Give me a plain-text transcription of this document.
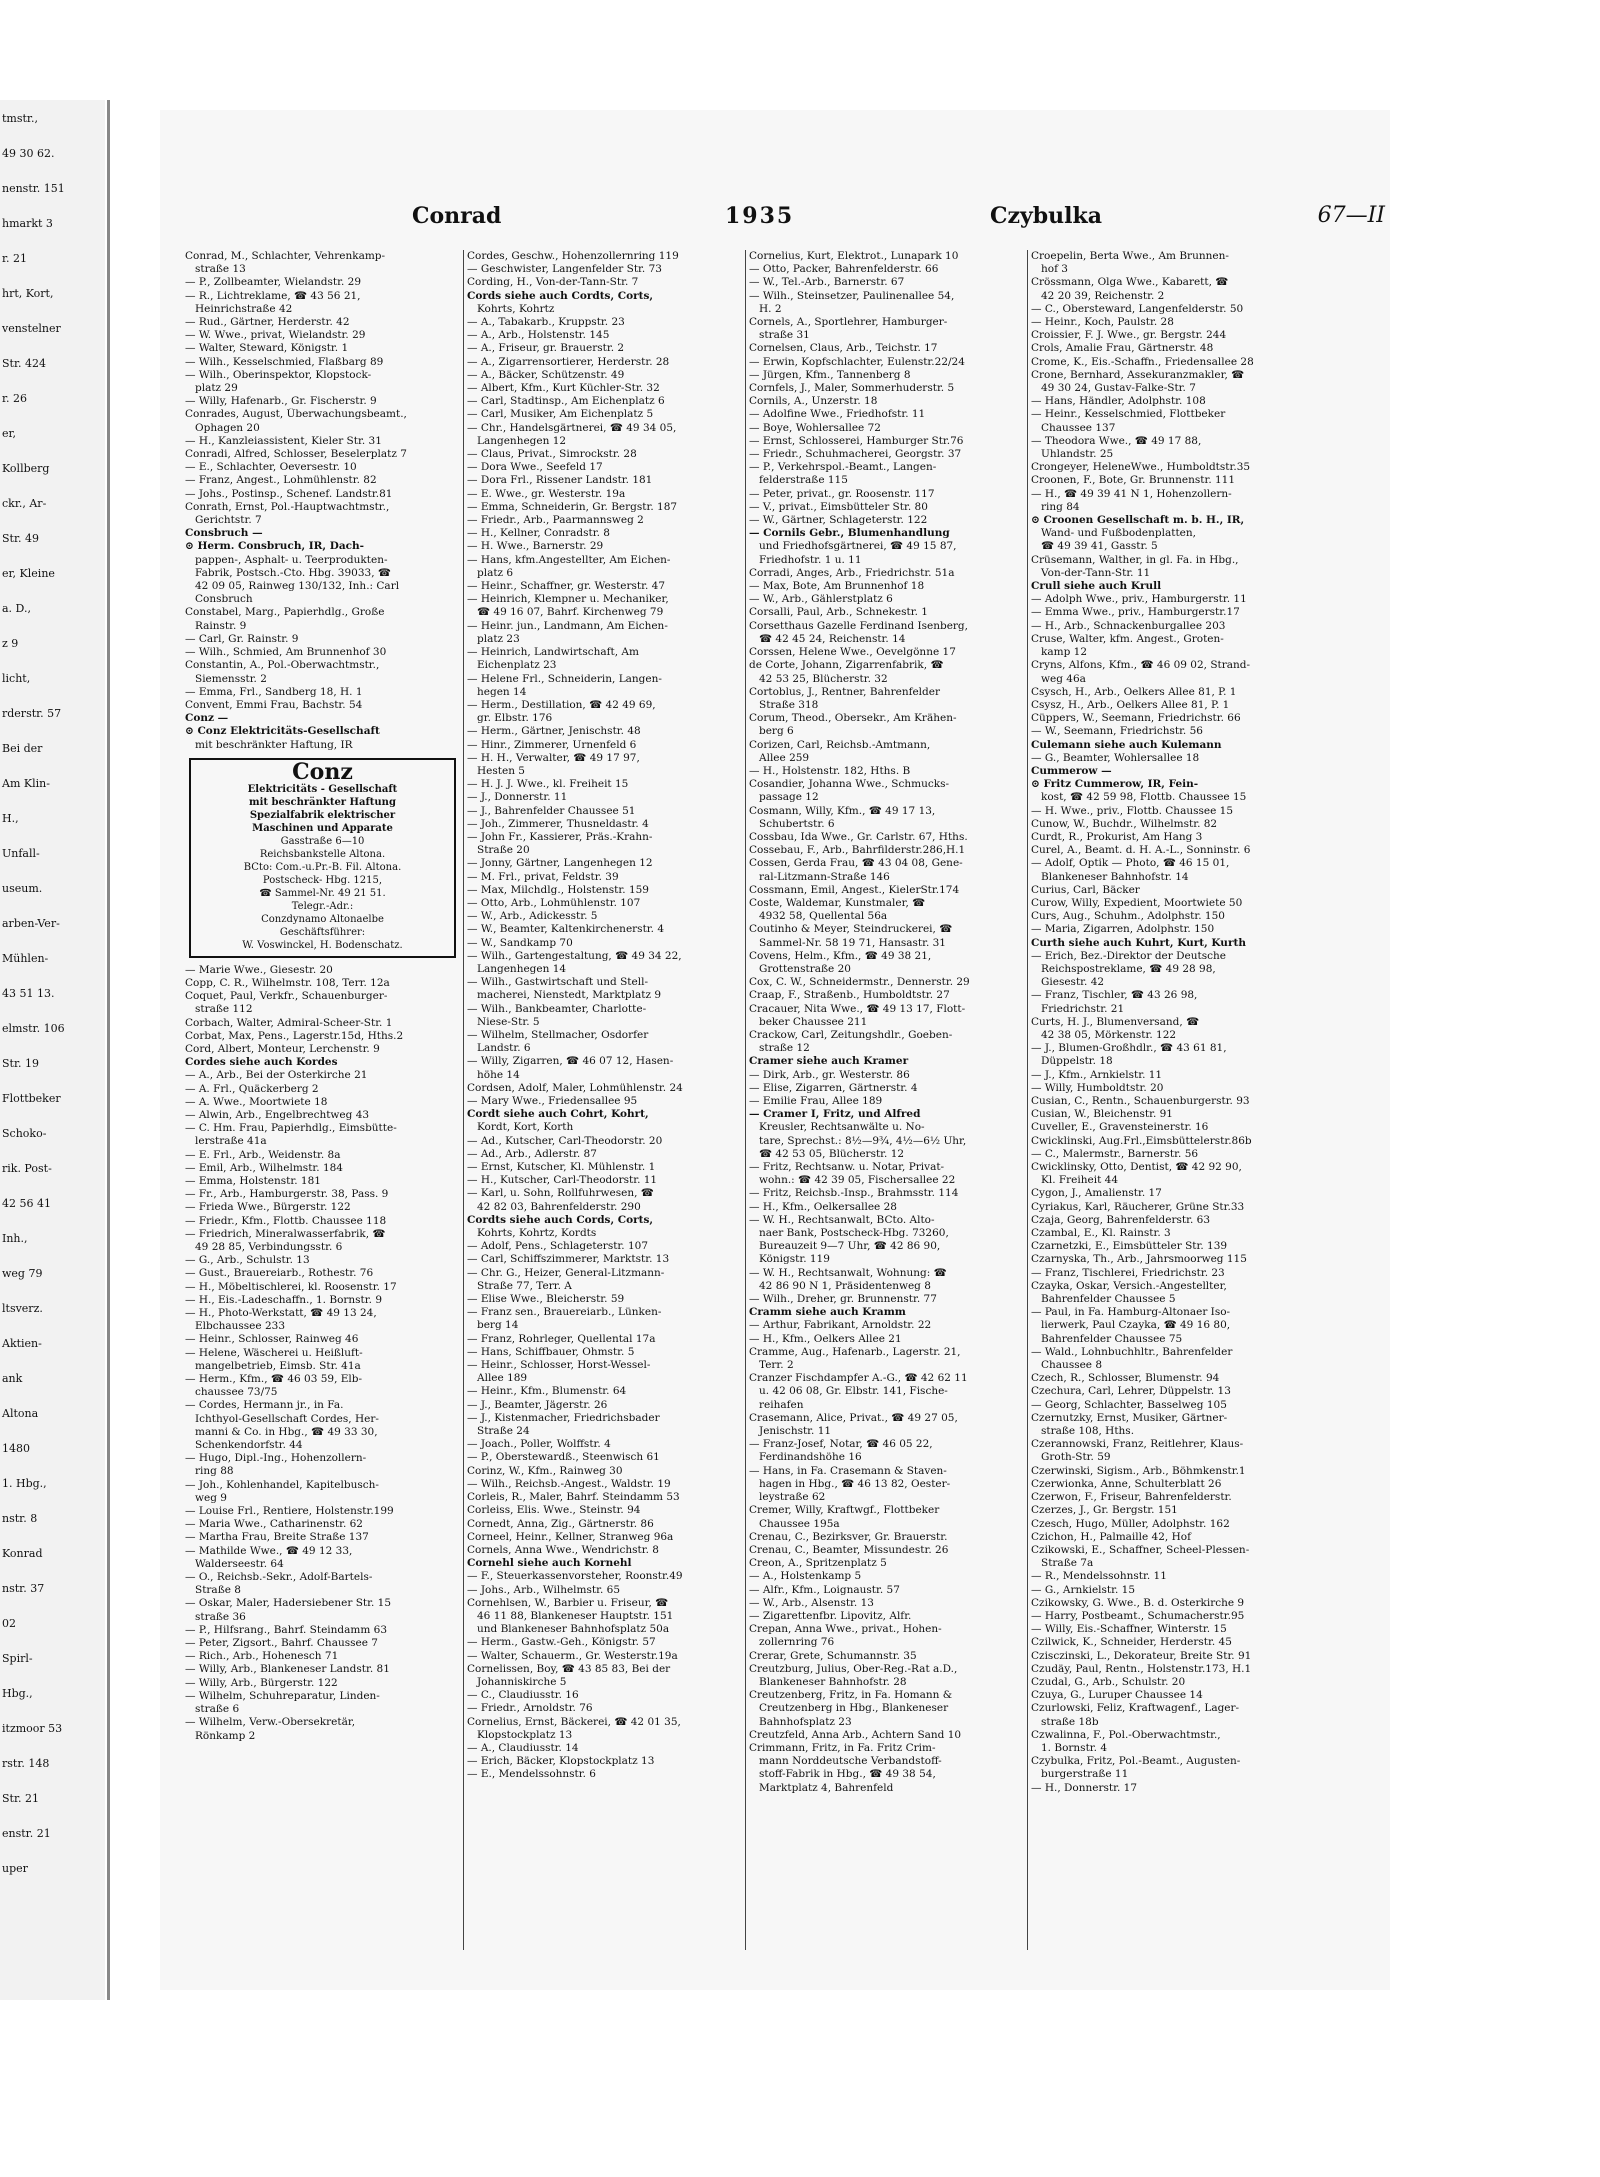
tmstr.,
49 30 62.
nenstr. 151
hmarkt 3
r. 21
hrt, Kort,
venstelner
Str. 424
r. 26
er,
Kollberg
ckr., Ar-
Str. 49
er, Kleine
a. D.,
z 9
licht,
rderstr. 57
Bei der
Am Klin-
H.,
Unfall-
useum.
arben-Ver-
Mühlen-
43 51 13.
elmstr. 106
Str. 19
Flottbeker
Schoko-
rik. Post-
42 56 41
Inh.,
weg 79
ltsverz.
Aktien-
ank
Altona
1480
1. Hbg.,
nstr. 8
Konrad
nstr. 37
02
Spirl-
Hbg.,
itzmoor 53
rstr. 148
Str. 21
enstr. 21
uper
Conrad	1935	Czybulka	67—II
Conrad, M., Schlachter, Vehrenkamp-
straße 13
— P., Zollbeamter, Wielandstr. 29
— R., Lichtreklame, ☎ 43 56 21,
Heinrichstraße 42
— Rud., Gärtner, Herderstr. 42
— W. Wwe., privat, Wielandstr. 29
— Walter, Steward, Königstr. 1
— Wilh., Kesselschmied, Flaßbarg 89
— Wilh., Oberinspektor, Klopstock-
platz 29
— Willy, Hafenarb., Gr. Fischerstr. 9
Conrades, August, Überwachungsbeamt.,
Ophagen 20
— H., Kanzleiassistent, Kieler Str. 31
Conradi, Alfred, Schlosser, Beselerplatz 7
— E., Schlachter, Oeversestr. 10
— Franz, Angest., Lohmühlenstr. 82
— Johs., Postinsp., Schenef. Landstr.81
Conrath, Ernst, Pol.-Hauptwachtmstr.,
Gerichtstr. 7
Consbruch —
⊙ Herm. Consbruch, IR, Dach-
pappen-, Asphalt- u. Teerprodukten-
Fabrik, Postsch.-Cto. Hbg. 39033, ☎
42 09 05, Rainweg 130/132, Inh.: Carl
Consbruch
Constabel, Marg., Papierhdlg., Große
Rainstr. 9
— Carl, Gr. Rainstr. 9
— Wilh., Schmied, Am Brunnenhof 30
Constantin, A., Pol.-Oberwachtmstr.,
Siemensstr. 2
— Emma, Frl., Sandberg 18, H. 1
Convent, Emmi Frau, Bachstr. 54
Conz —
⊙ Conz Elektricitäts-Gesellschaft
mit beschränkter Haftung, IR
Conz
Elektricitäts - Gesellschaft
mit beschränkter Haftung
Spezialfabrik elektrischer
Maschinen und Apparate
Gasstraße 6—10
Reichsbankstelle Altona.
BCto: Com.-u.Pr.-B. Fil. Altona.
Postscheck- Hbg. 1215,
☎ Sammel-Nr. 49 21 51.
Telegr.-Adr.:
Conzdynamo Altonaelbe
Geschäftsführer:
W. Voswinckel, H. Bodenschatz.
— Marie Wwe., Giesestr. 20
Copp, C. R., Wilhelmstr. 108, Terr. 12a
Coquet, Paul, Verkfr., Schauenburger-
straße 112
Corbach, Walter, Admiral-Scheer-Str. 1
Corbat, Max, Pens., Lagerstr.15d, Hths.2
Cord, Albert, Monteur, Lerchenstr. 9
Cordes siehe auch Kordes
— A., Arb., Bei der Osterkirche 21
— A. Frl., Quäckerberg 2
— A. Wwe., Moortwiete 18
— Alwin, Arb., Engelbrechtweg 43
— C. Hm. Frau, Papierhdlg., Eimsbütte-
lerstraße 41a
— E. Frl., Arb., Weidenstr. 8a
— Emil, Arb., Wilhelmstr. 184
— Emma, Holstenstr. 181
— Fr., Arb., Hamburgerstr. 38, Pass. 9
— Frieda Wwe., Bürgerstr. 122
— Friedr., Kfm., Flottb. Chaussee 118
— Friedrich, Mineralwasserfabrik, ☎
49 28 85, Verbindungsstr. 6
— G., Arb., Schulstr. 13
— Gust., Brauereiarb., Rothestr. 76
— H., Möbeltischlerei, kl. Roosenstr. 17
— H., Eis.-Ladeschaffn., 1. Bornstr. 9
— H., Photo-Werkstatt, ☎ 49 13 24,
Elbchaussee 233
— Heinr., Schlosser, Rainweg 46
— Helene, Wäscherei u. Heißluft-
mangelbetrieb, Eimsb. Str. 41a
— Herm., Kfm., ☎ 46 03 59, Elb-
chaussee 73/75
— Cordes, Hermann jr., in Fa.
Ichthyol-Gesellschaft Cordes, Her-
manni & Co. in Hbg., ☎ 49 33 30,
Schenkendorfstr. 44
— Hugo, Dipl.-Ing., Hohenzollern-
ring 88
— Joh., Kohlenhandel, Kapitelbusch-
weg 9
— Louise Frl., Rentiere, Holstenstr.199
— Maria Wwe., Catharinenstr. 62
— Martha Frau, Breite Straße 137
— Mathilde Wwe., ☎ 49 12 33,
Walderseestr. 64
— O., Reichsb.-Sekr., Adolf-Bartels-
Straße 8
— Oskar, Maler, Hadersiebener Str. 15
straße 36
— P., Hilfsrang., Bahrf. Steindamm 63
— Peter, Zigsort., Bahrf. Chaussee 7
— Rich., Arb., Hohenesch 71
— Willy, Arb., Blankeneser Landstr. 81
— Willy, Arb., Bürgerstr. 122
— Wilhelm, Schuhreparatur, Linden-
straße 6
— Wilhelm, Verw.-Obersekretär,
Rönkamp 2
Cordes, Geschw., Hohenzollernring 119
— Geschwister, Langenfelder Str. 73
Cording, H., Von-der-Tann-Str. 7
Cords siehe auch Cordts, Corts,
Kohrts, Kohrtz
— A., Tabakarb., Kruppstr. 23
— A., Arb., Holstenstr. 145
— A., Friseur, gr. Brauerstr. 2
— A., Zigarrensortierer, Herderstr. 28
— A., Bäcker, Schützenstr. 49
— Albert, Kfm., Kurt Küchler-Str. 32
— Carl, Stadtinsp., Am Eichenplatz 6
— Carl, Musiker, Am Eichenplatz 5
— Chr., Handelsgärtnerei, ☎ 49 34 05,
Langenhegen 12
— Claus, Privat., Simrockstr. 28
— Dora Wwe., Seefeld 17
— Dora Frl., Rissener Landstr. 181
— E. Wwe., gr. Westerstr. 19a
— Emma, Schneiderin, Gr. Bergstr. 187
— Friedr., Arb., Paarmannsweg 2
— H., Kellner, Conradstr. 8
— H. Wwe., Barnerstr. 29
— Hans, kfm.Angestellter, Am Eichen-
platz 6
— Heinr., Schaffner, gr. Westerstr. 47
— Heinrich, Klempner u. Mechaniker,
☎ 49 16 07, Bahrf. Kirchenweg 79
— Heinr. jun., Landmann, Am Eichen-
platz 23
— Heinrich, Landwirtschaft, Am
Eichenplatz 23
— Helene Frl., Schneiderin, Langen-
hegen 14
— Herm., Destillation, ☎ 42 49 69,
gr. Elbstr. 176
— Herm., Gärtner, Jenischstr. 48
— Hinr., Zimmerer, Urnenfeld 6
— H. H., Verwalter, ☎ 49 17 97,
Hesten 5
— H. J. J. Wwe., kl. Freiheit 15
— J., Donnerstr. 11
— J., Bahrenfelder Chaussee 51
— Joh., Zimmerer, Thusneldastr. 4
— John Fr., Kassierer, Präs.-Krahn-
Straße 20
— Jonny, Gärtner, Langenhegen 12
— M. Frl., privat, Feldstr. 39
— Max, Milchdlg., Holstenstr. 159
— Otto, Arb., Lohmühlenstr. 107
— W., Arb., Adickesstr. 5
— W., Beamter, Kaltenkirchenerstr. 4
— W., Sandkamp 70
— Wilh., Gartengestaltung, ☎ 49 34 22,
Langenhegen 14
— Wilh., Gastwirtschaft und Stell-
macherei, Nienstedt, Marktplatz 9
— Wilh., Bankbeamter, Charlotte-
Niese-Str. 5
— Wilhelm, Stellmacher, Osdorfer
Landstr. 6
— Willy, Zigarren, ☎ 46 07 12, Hasen-
höhe 14
Cordsen, Adolf, Maler, Lohmühlenstr. 24
— Mary Wwe., Friedensallee 95
Cordt siehe auch Cohrt, Kohrt,
Kordt, Kort, Korth
— Ad., Kutscher, Carl-Theodorstr. 20
— Ad., Arb., Adlerstr. 87
— Ernst, Kutscher, Kl. Mühlenstr. 1
— H., Kutscher, Carl-Theodorstr. 11
— Karl, u. Sohn, Rollfuhrwesen, ☎
42 82 03, Bahrenfelderstr. 290
Cordts siehe auch Cords, Corts,
Kohrts, Kohrtz, Kordts
— Adolf, Pens., Schlageterstr. 107
— Carl, Schiffszimmerer, Marktstr. 13
— Chr. G., Heizer, General-Litzmann-
Straße 77, Terr. A
— Elise Wwe., Bleicherstr. 59
— Franz sen., Brauereiarb., Lünken-
berg 14
— Franz, Rohrleger, Quellental 17a
— Hans, Schiffbauer, Ohmstr. 5
— Heinr., Schlosser, Horst-Wessel-
Allee 189
— Heinr., Kfm., Blumenstr. 64
— J., Beamter, Jägerstr. 26
— J., Kistenmacher, Friedrichsbader
Straße 24
— Joach., Poller, Wolffstr. 4
— P., Oberstewardß., Steenwisch 61
Corinz, W., Kfm., Rainweg 30
— Wilh., Reichsb.-Angest., Waldstr. 19
Corleis, R., Maler, Bahrf. Steindamm 53
Corleiss, Elis. Wwe., Steinstr. 94
Cornedt, Anna, Zig., Gärtnerstr. 86
Corneel, Heinr., Kellner, Stranweg 96a
Cornels, Anna Wwe., Wendrichstr. 8
Cornehl siehe auch Kornehl
— F., Steuerkassenvorsteher, Roonstr.49
— Johs., Arb., Wilhelmstr. 65
Cornehlsen, W., Barbier u. Friseur, ☎
46 11 88, Blankeneser Hauptstr. 151
und Blankeneser Bahnhofsplatz 50a
— Herm., Gastw.-Geh., Königstr. 57
— Walter, Schauerm., Gr. Westerstr.19a
Cornelissen, Boy, ☎ 43 85 83, Bei der
Johanniskirche 5
— C., Claudiusstr. 16
— Friedr., Arnoldstr. 76
Cornelius, Ernst, Bäckerei, ☎ 42 01 35,
Klopstockplatz 13
— A., Claudiusstr. 14
— Erich, Bäcker, Klopstockplatz 13
— E., Mendelssohnstr. 6
Cornelius, Kurt, Elektrot., Lunapark 10
— Otto, Packer, Bahrenfelderstr. 66
— W., Tel.-Arb., Barnerstr. 67
— Wilh., Steinsetzer, Paulinenallee 54,
H. 2
Cornels, A., Sportlehrer, Hamburger-
straße 31
Cornelsen, Claus, Arb., Teichstr. 17
— Erwin, Kopfschlachter, Eulenstr.22/24
— Jürgen, Kfm., Tannenberg 8
Cornfels, J., Maler, Sommerhuderstr. 5
Cornils, A., Unzerstr. 18
— Adolfine Wwe., Friedhofstr. 11
— Boye, Wohlersallee 72
— Ernst, Schlosserei, Hamburger Str.76
— Friedr., Schuhmacherei, Georgstr. 37
— P., Verkehrspol.-Beamt., Langen-
felderstraße 115
— Peter, privat., gr. Roosenstr. 117
— V., privat., Eimsbütteler Str. 80
— W., Gärtner, Schlageterstr. 122
— Cornils Gebr., Blumenhandlung
und Friedhofsgärtnerei, ☎ 49 15 87,
Friedhofstr. 1 u. 11
Corradi, Anges, Arb., Friedrichstr. 51a
— Max, Bote, Am Brunnenhof 18
— W., Arb., Gählerstplatz 6
Corsalli, Paul, Arb., Schnekestr. 1
Corsetthaus Gazelle Ferdinand Isenberg,
☎ 42 45 24, Reichenstr. 14
Corssen, Helene Wwe., Oevelgönne 17
de Corte, Johann, Zigarrenfabrik, ☎
42 53 25, Blücherstr. 32
Cortoblus, J., Rentner, Bahrenfelder
Straße 318
Corum, Theod., Obersekr., Am Krähen-
berg 6
Corizen, Carl, Reichsb.-Amtmann,
Allee 259
— H., Holstenstr. 182, Hths. B
Cosandier, Johanna Wwe., Schmucks-
passage 12
Cosmann, Willy, Kfm., ☎ 49 17 13,
Schubertstr. 6
Cossbau, Ida Wwe., Gr. Carlstr. 67, Hths.
Cossebau, F., Arb., Bahrfilderstr.286,H.1
Cossen, Gerda Frau, ☎ 43 04 08, Gene-
ral-Litzmann-Straße 146
Cossmann, Emil, Angest., KielerStr.174
Coste, Waldemar, Kunstmaler, ☎
4932 58, Quellental 56a
Coutinho & Meyer, Steindruckerei, ☎
Sammel-Nr. 58 19 71, Hansastr. 31
Covens, Helm., Kfm., ☎ 49 38 21,
Grottenstraße 20
Cox, C. W., Schneidermstr., Dennerstr. 29
Craap, F., Straßenb., Humboldtstr. 27
Cracauer, Nita Wwe., ☎ 49 13 17, Flott-
beker Chaussee 211
Crackow, Carl, Zeitungshdlr., Goeben-
straße 12
Cramer siehe auch Kramer
— Dirk, Arb., gr. Westerstr. 86
— Elise, Zigarren, Gärtnerstr. 4
— Emilie Frau, Allee 189
— Cramer I, Fritz, und Alfred
Kreusler, Rechtsanwälte u. No-
tare, Sprechst.: 8½—9¾, 4½—6½ Uhr,
☎ 42 53 05, Blücherstr. 12
— Fritz, Rechtsanw. u. Notar, Privat-
wohn.: ☎ 42 39 05, Fischersallee 22
— Fritz, Reichsb.-Insp., Brahmsstr. 114
— H., Kfm., Oelkersallee 28
— W. H., Rechtsanwalt, BCto. Alto-
naer Bank, Postscheck-Hbg. 73260,
Bureauzeit 9—7 Uhr, ☎ 42 86 90,
Königstr. 119
— W. H., Rechtsanwalt, Wohnung: ☎
42 86 90 N 1, Präsidentenweg 8
— Wilh., Dreher, gr. Brunnenstr. 77
Cramm siehe auch Kramm
— Arthur, Fabrikant, Arnoldstr. 22
— H., Kfm., Oelkers Allee 21
Cramme, Aug., Hafenarb., Lagerstr. 21,
Terr. 2
Cranzer Fischdampfer A.-G., ☎ 42 62 11
u. 42 06 08, Gr. Elbstr. 141, Fische-
reihafen
Crasemann, Alice, Privat., ☎ 49 27 05,
Jenischstr. 11
— Franz-Josef, Notar, ☎ 46 05 22,
Ferdinandshöhe 16
— Hans, in Fa. Crasemann & Staven-
hagen in Hbg., ☎ 46 13 82, Oester-
leystraße 62
Cremer, Willy, Kraftwgf., Flottbeker
Chaussee 195a
Crenau, C., Bezirksver, Gr. Brauerstr.
Crenau, C., Beamter, Missundestr. 26
Creon, A., Spritzenplatz 5
— A., Holstenkamp 5
— Alfr., Kfm., Loignaustr. 57
— W., Arb., Alsenstr. 13
— Zigarettenfbr. Lipovitz, Alfr.
Crepan, Anna Wwe., privat., Hohen-
zollernring 76
Crerar, Grete, Schumannstr. 35
Creutzburg, Julius, Ober-Reg.-Rat a.D.,
Blankeneser Bahnhofstr. 28
Creutzenberg, Fritz, in Fa. Homann &
Creutzenberg in Hbg., Blankeneser
Bahnhofsplatz 23
Creutzfeld, Anna Arb., Achtern Sand 10
Crimmann, Fritz, in Fa. Fritz Crim-
mann Norddeutsche Verbandstoff-
stoff-Fabrik in Hbg., ☎ 49 38 54,
Marktplatz 4, Bahrenfeld
Croepelin, Berta Wwe., Am Brunnen-
hof 3
Crössmann, Olga Wwe., Kabarett, ☎
42 20 39, Reichenstr. 2
— C., Obersteward, Langenfelderstr. 50
— Heinr., Koch, Paulstr. 28
Croissier, F. J. Wwe., gr. Bergstr. 244
Crols, Amalie Frau, Gärtnerstr. 48
Crome, K., Eis.-Schaffn., Friedensallee 28
Crone, Bernhard, Assekuranzmakler, ☎
49 30 24, Gustav-Falke-Str. 7
— Hans, Händler, Adolphstr. 108
— Heinr., Kesselschmied, Flottbeker
Chaussee 137
— Theodora Wwe., ☎ 49 17 88,
Uhlandstr. 25
Crongeyer, HeleneWwe., Humboldtstr.35
Croonen, F., Bote, Gr. Brunnenstr. 111
— H., ☎ 49 39 41 N 1, Hohenzollern-
ring 84
⊙ Croonen Gesellschaft m. b. H., IR,
Wand- und Fußbodenplatten,
☎ 49 39 41, Gasstr. 5
Crüsemann, Walther, in gl. Fa. in Hbg.,
Von-der-Tann-Str. 11
Crull siehe auch Krull
— Adolph Wwe., priv., Hamburgerstr. 11
— Emma Wwe., priv., Hamburgerstr.17
— H., Arb., Schnackenburgallee 203
Cruse, Walter, kfm. Angest., Groten-
kamp 12
Cryns, Alfons, Kfm., ☎ 46 09 02, Strand-
weg 46a
Csysch, H., Arb., Oelkers Allee 81, P. 1
Csysz, H., Arb., Oelkers Allee 81, P. 1
Cüppers, W., Seemann, Friedrichstr. 66
— W., Seemann, Friedrichstr. 56
Culemann siehe auch Kulemann
— G., Beamter, Wohlersallee 18
Cummerow —
⊙ Fritz Cummerow, IR, Fein-
kost, ☎ 42 59 98, Flottb. Chaussee 15
— H. Wwe., priv., Flottb. Chaussee 15
Cunow, W., Buchdr., Wilhelmstr. 82
Curdt, R., Prokurist, Am Hang 3
Curel, A., Beamt. d. H. A.-L., Sonninstr. 6
— Adolf, Optik — Photo, ☎ 46 15 01,
Blankeneser Bahnhofstr. 14
Curius, Carl, Bäcker
Curow, Willy, Expedient, Moortwiete 50
Curs, Aug., Schuhm., Adolphstr. 150
— Maria, Zigarren, Adolphstr. 150
Curth siehe auch Kuhrt, Kurt, Kurth
— Erich, Bez.-Direktor der Deutsche
Reichspostreklame, ☎ 49 28 98,
Giesestr. 42
— Franz, Tischler, ☎ 43 26 98,
Friedrichstr. 21
Curts, H. J., Blumenversand, ☎
42 38 05, Mörkenstr. 122
— J., Blumen-Großhdlr., ☎ 43 61 81,
Düppelstr. 18
— J., Kfm., Arnkielstr. 11
— Willy, Humboldtstr. 20
Cusian, C., Rentn., Schauenburgerstr. 93
Cusian, W., Bleichenstr. 91
Cuveller, E., Gravensteinerstr. 16
Cwicklinski, Aug.Frl.,Eimsbüttelerstr.86b
— C., Malermstr., Barnerstr. 56
Cwicklinsky, Otto, Dentist, ☎ 42 92 90,
Kl. Freiheit 44
Cygon, J., Amalienstr. 17
Cyriakus, Karl, Räucherer, Grüne Str.33
Czaja, Georg, Bahrenfelderstr. 63
Czambal, E., Kl. Rainstr. 3
Czarnetzki, E., Eimsbütteler Str. 139
Czarnyska, Th., Arb., Jahrsmoorweg 115
— Franz, Tischlerei, Friedrichstr. 23
Czayka, Oskar, Versich.-Angestellter,
Bahrenfelder Chaussee 5
— Paul, in Fa. Hamburg-Altonaer Iso-
lierwerk, Paul Czayka, ☎ 49 16 80,
Bahrenfelder Chaussee 75
— Wald., Lohnbuchhltr., Bahrenfelder
Chaussee 8
Czech, R., Schlosser, Blumenstr. 94
Czechura, Carl, Lehrer, Düppelstr. 13
— Georg, Schlachter, Basselweg 105
Czernutzky, Ernst, Musiker, Gärtner-
straße 108, Hths.
Czerannowski, Franz, Reitlehrer, Klaus-
Groth-Str. 59
Czerwinski, Sigism., Arb., Böhmkenstr.1
Czerwionka, Anne, Schulterblatt 26
Czerwon, F., Friseur, Bahrenfelderstr.
Czerzes, J., Gr. Bergstr. 151
Czesch, Hugo, Müller, Adolphstr. 162
Czichon, H., Palmaille 42, Hof
Czikowski, E., Schaffner, Scheel-Plessen-
Straße 7a
— R., Mendelssohnstr. 11
— G., Arnkielstr. 15
Czikowsky, G. Wwe., B. d. Osterkirche 9
— Harry, Postbeamt., Schumacherstr.95
— Willy, Eis.-Schaffner, Winterstr. 15
Czilwick, K., Schneider, Herderstr. 45
Czisczinski, L., Dekorateur, Breite Str. 91
Czudäy, Paul, Rentn., Holstenstr.173, H.1
Czudal, G., Arb., Schulstr. 20
Czuya, G., Luruper Chaussee 14
Czurlowski, Feliz, Kraftwagenf., Lager-
straße 18b
Czwalinna, F., Pol.-Oberwachtmstr.,
1. Bornstr. 4
Czybulka, Fritz, Pol.-Beamt., Augusten-
burgerstraße 11
— H., Donnerstr. 17
